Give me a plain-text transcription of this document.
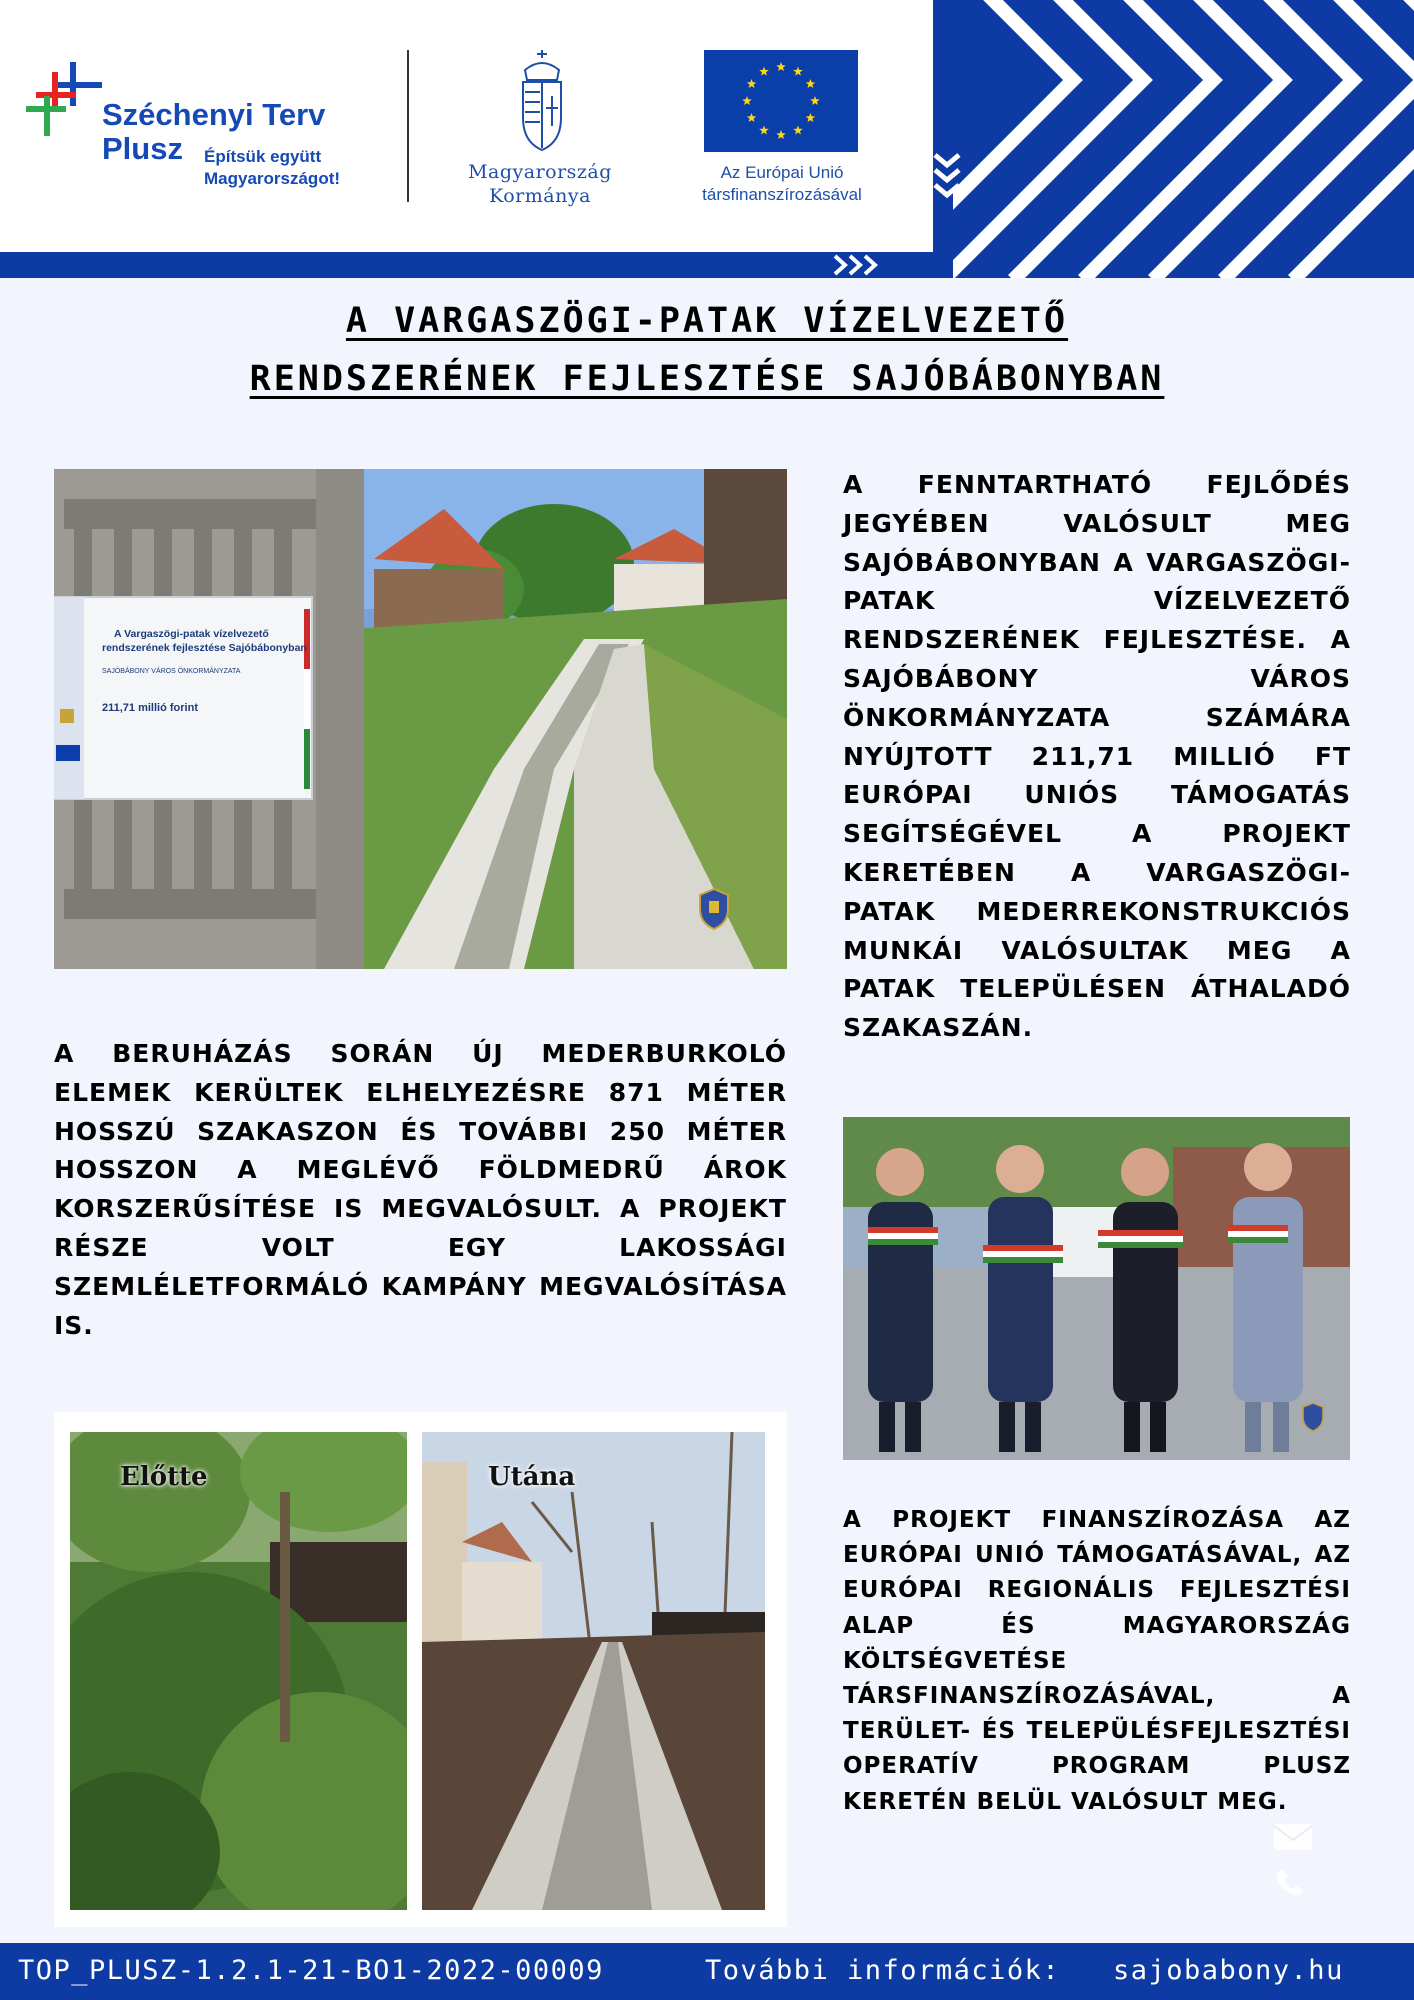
Széchenyi Terv
Plusz Építsük együtt
Magyarországot!	Magyarország
Kormánya
Az Európai Unió
társfinanszírozásával
A VARGASZÖGI-PATAK VÍZELVEZETŐ
RENDSZERÉNEK FEJLESZTÉSE SAJÓBÁBONYBAN
A Vargaszögi-patak vízelvezető
rendszerének fejlesztése Sajóbábonyban
SAJÓBÁBONY VÁROS ÖNKORMÁNYZATA
211,71 millió forint
A FENNTARTHATÓ FEJLŐDÉS JEGYÉBEN VALÓSULT MEG SAJÓBÁBONYBAN A VARGASZÖGI-PATAK VÍZELVEZETŐ RENDSZERÉNEK FEJLESZTÉSE. A SAJÓBÁBONY VÁROS ÖNKORMÁNYZATA SZÁMÁRA NYÚJTOTT 211,71 MILLIÓ FT EURÓPAI UNIÓS TÁMOGATÁS SEGÍTSÉGÉVEL A PROJEKT KERETÉBEN A VARGASZÖGI-PATAK MEDERREKONSTRUKCIÓS MUNKÁI VALÓSULTAK MEG A PATAK TELEPÜLÉSEN ÁTHALADÓ SZAKASZÁN.
A BERUHÁZÁS SORÁN ÚJ MEDERBURKOLÓ ELEMEK KERÜLTEK ELHELYEZÉSRE 871 MÉTER HOSSZÚ SZAKASZON ÉS TOVÁBBI 250 MÉTER HOSSZON A MEGLÉVŐ FÖLDMEDRŰ ÁROK KORSZERŰSÍTÉSE IS MEGVALÓSULT. A PROJEKT RÉSZE VOLT EGY LAKOSSÁGI SZEMLÉLETFORMÁLÓ KAMPÁNY MEGVALÓSÍTÁSA IS.
Előtte	Utána
A PROJEKT FINANSZÍROZÁSA AZ EURÓPAI UNIÓ TÁMOGATÁSÁVAL, AZ EURÓPAI REGIONÁLIS FEJLESZTÉSI ALAP ÉS MAGYARORSZÁG KÖLTSÉGVETÉSE TÁRSFINANSZÍROZÁSÁVAL, A TERÜLET- ÉS TELEPÜLÉSFEJLESZTÉSI OPERATÍV PROGRAM PLUSZ KERETÉN BELÜL VALÓSULT MEG.
TOP_PLUSZ-1.2.1-21-BO1-2022-00009	További információk: sajobabony.hu
